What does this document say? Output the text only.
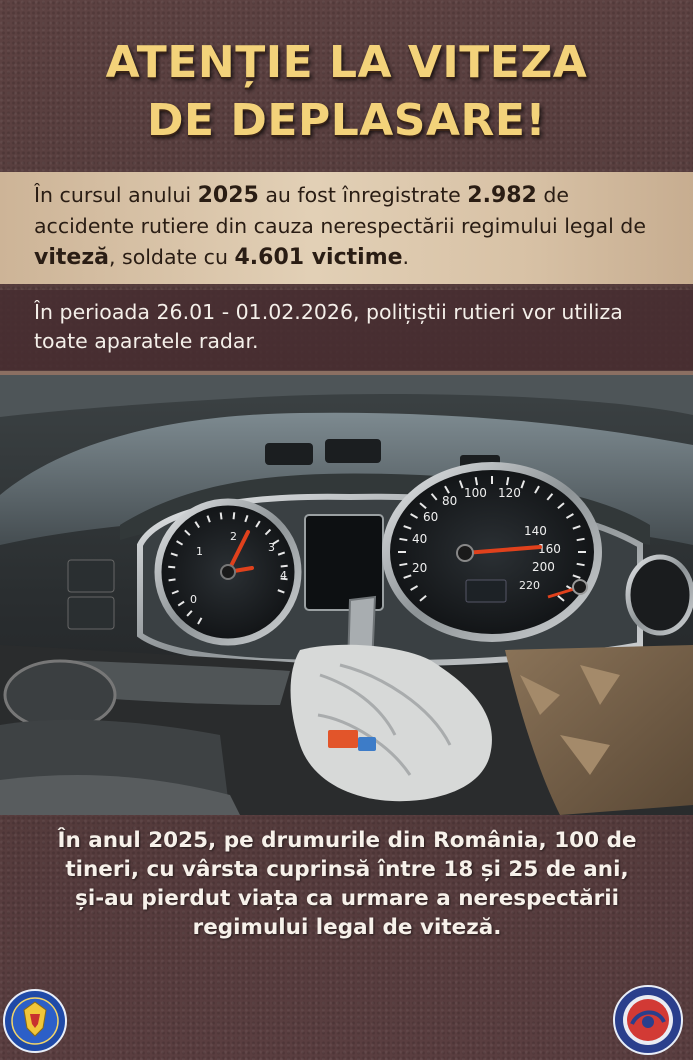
ATENȚIE LA VITEZA
DE DEPLASARE!
În cursul anului 2025 au fost înregistrate 2.982 de accidente rutiere din cauza nerespectării regimului legal de viteză, soldate cu 4.601 victime.
În perioada 26.01 - 01.02.2026, polițiștii rutieri vor utiliza toate aparatele radar.
2
3
1
4
0
20
40
60
80
100 120
140
160
200
220

În anul 2025, pe drumurile din România, 100 de
tineri, cu vârsta cuprinsă între 18 și 25 de ani,
și-au pierdut viața ca urmare a nerespectării
regimului legal de viteză.
